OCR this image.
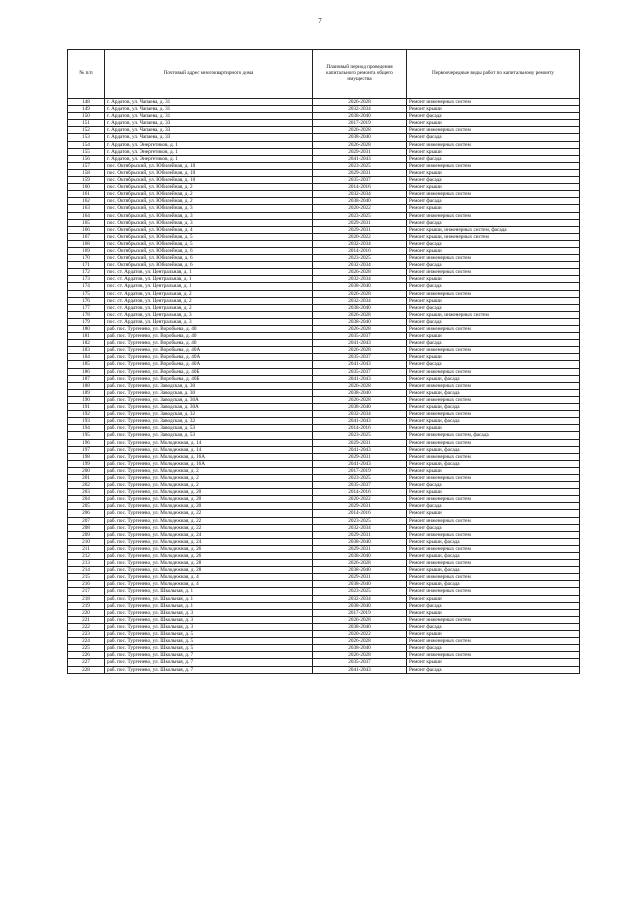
7
№ п/п	Почтовый адрес многоквартирного дома	Плановый период проведения капитального ремонта общего имущества	Первоочередные виды работ по капитальному ремонту
148	г. Ардатов, ул. Чапаева, д. 31	2026-2028	Ремонт инженерных систем
149	г. Ардатов, ул. Чапаева, д. 31	2032-2034	Ремонт крыши
150	г. Ардатов, ул. Чапаева, д. 31	2038-2040	Ремонт фасада
151	г. Ардатов, ул. Чапаева, д. 33	2017-2019	Ремонт крыши
152	г. Ардатов, ул. Чапаева, д. 33	2026-2028	Ремонт инженерных систем
153	г. Ардатов, ул. Чапаева, д. 33	2038-2040	Ремонт фасада
154	г. Ардатов, ул. Энергетиков, д. 1	2026-2028	Ремонт инженерных систем
155	г. Ардатов, ул. Энергетиков, д. 1	2029-2031	Ремонт крыши
156	г. Ардатов, ул. Энергетиков, д. 1	2041-2043	Ремонт фасада
157	пос. Октябрьский, ул. Юбилейная, д. 10	2023-2025	Ремонт инженерных систем
158	пос. Октябрьский, ул. Юбилейная, д. 10	2029-2031	Ремонт крыши
159	пос. Октябрьский, ул. Юбилейная, д. 10	2035-2037	Ремонт фасада
160	пос. Октябрьский, ул. Юбилейная, д. 2	2014-2016	Ремонт крыши
161	пос. Октябрьский, ул. Юбилейная, д. 2	2032-2034	Ремонт инженерных систем
162	пос. Октябрьский, ул. Юбилейная, д. 2	2038-2040	Ремонт фасада
163	пос. Октябрьский, ул. Юбилейная, д. 3	2020-2022	Ремонт крыши
164	пос. Октябрьский, ул. Юбилейная, д. 3	2023-2025	Ремонт инженерных систем
165	пос. Октябрьский, ул. Юбилейная, д. 3	2029-2031	Ремонт фасада
166	пос. Октябрьский, ул. Юбилейная, д. 4	2029-2031	Ремонт крыши, инженерных систем, фасада
167	пос. Октябрьский, ул. Юбилейная, д. 5	2020-2022	Ремонт крыши, инженерных систем
168	пос. Октябрьский, ул. Юбилейная, д. 5	2032-2034	Ремонт фасада
169	пос. Октябрьский, ул. Юбилейная, д. 6	2014-2016	Ремонт крыши
170	пос. Октябрьский, ул. Юбилейная, д. 6	2023-2025	Ремонт инженерных систем
171	пос. Октябрьский, ул. Юбилейная, д. 6	2032-2034	Ремонт фасада
172	пос. ст. Ардатов, ул. Центральная, д. 1	2026-2028	Ремонт инженерных систем
173	пос. ст. Ардатов, ул. Центральная, д. 1	2032-2034	Ремонт крыши
174	пос. ст. Ардатов, ул. Центральная, д. 1	2038-2040	Ремонт фасада
175	пос. ст. Ардатов, ул. Центральная, д. 2	2026-2028	Ремонт инженерных систем
176	пос. ст. Ардатов, ул. Центральная, д. 2	2032-2034	Ремонт крыши
177	пос. ст. Ардатов, ул. Центральная, д. 2	2038-2040	Ремонт фасада
178	пос. ст. Ардатов, ул. Центральная, д. 3	2026-2028	Ремонт крыши, инженерных систем
179	пос. ст. Ардатов, ул. Центральная, д. 3	2038-2040	Ремонт фасада
180	раб. пос. Тургенево, ул. Воробьева, д. 40	2026-2028	Ремонт инженерных систем
181	раб. пос. Тургенево, ул. Воробьева, д. 40	2035-2037	Ремонт крыши
182	раб. пос. Тургенево, ул. Воробьева, д. 40	2041-2043	Ремонт фасада
183	раб. пос. Тургенево, ул. Воробьева, д. 40А	2026-2028	Ремонт инженерных систем
184	раб. пос. Тургенево, ул. Воробьева, д. 40А	2035-2037	Ремонт крыши
185	раб. пос. Тургенево, ул. Воробьева, д. 40А	2041-2043	Ремонт фасада
186	раб. пос. Тургенево, ул. Воробьева, д. 40Б	2035-2037	Ремонт инженерных систем
187	раб. пос. Тургенево, ул. Воробьева, д. 40Б	2041-2043	Ремонт крыши, фасада
188	раб. пос. Тургенево, ул. Заводская, д. 30	2026-2028	Ремонт инженерных систем
189	раб. пос. Тургенево, ул. Заводская, д. 30	2038-2040	Ремонт крыши, фасада
190	раб. пос. Тургенево, ул. Заводская, д. 30А	2026-2028	Ремонт инженерных систем
191	раб. пос. Тургенево, ул. Заводская, д. 30А	2038-2040	Ремонт крыши, фасада
192	раб. пос. Тургенево, ул. Заводская, д. 32	2032-2034	Ремонт инженерных систем
193	раб. пос. Тургенево, ул. Заводская, д. 32	2041-2043	Ремонт крыши, фасада
194	раб. пос. Тургенево, ул. Заводская, д. 53	2014-2016	Ремонт крыши
195	раб. пос. Тургенево, ул. Заводская, д. 53	2023-2025	Ремонт инженерных систем, фасада
196	раб. пос. Тургенево, ул. Молодежная, д. 14	2029-2031	Ремонт инженерных систем
197	раб. пос. Тургенево, ул. Молодежная, д. 14	2041-2043	Ремонт крыши, фасада
198	раб. пос. Тургенево, ул. Молодежная, д. 16А	2029-2031	Ремонт инженерных систем
199	раб. пос. Тургенево, ул. Молодежная, д. 16А	2041-2043	Ремонт крыши, фасада
200	раб. пос. Тургенево, ул. Молодежная, д. 2	2017-2019	Ремонт крыши
201	раб. пос. Тургенево, ул. Молодежная, д. 2	2023-2025	Ремонт инженерных систем
202	раб. пос. Тургенево, ул. Молодежная, д. 2	2035-2037	Ремонт фасада
203	раб. пос. Тургенево, ул. Молодежная, д. 20	2014-2016	Ремонт крыши
204	раб. пос. Тургенево, ул. Молодежная, д. 20	2020-2022	Ремонт инженерных систем
205	раб. пос. Тургенево, ул. Молодежная, д. 20	2029-2031	Ремонт фасада
206	раб. пос. Тургенево, ул. Молодежная, д. 22	2014-2016	Ремонт крыши
207	раб. пос. Тургенево, ул. Молодежная, д. 22	2023-2025	Ремонт инженерных систем
208	раб. пос. Тургенево, ул. Молодежная, д. 22	2032-2034	Ремонт фасада
209	раб. пос. Тургенево, ул. Молодежная, д. 24	2029-2031	Ремонт инженерных систем
210	раб. пос. Тургенево, ул. Молодежная, д. 24	2038-2040	Ремонт крыши, фасада
211	раб. пос. Тургенево, ул. Молодежная, д. 26	2029-2031	Ремонт инженерных систем
212	раб. пос. Тургенево, ул. Молодежная, д. 26	2038-2040	Ремонт крыши, фасада
213	раб. пос. Тургенево, ул. Молодежная, д. 28	2026-2028	Ремонт инженерных систем
214	раб. пос. Тургенево, ул. Молодежная, д. 28	2038-2040	Ремонт крыши, фасада
215	раб. пос. Тургенево, ул. Молодежная, д. 4	2029-2031	Ремонт инженерных систем
216	раб. пос. Тургенево, ул. Молодежная, д. 4	2038-2040	Ремонт крыши, фасада
217	раб. пос. Тургенево, ул. Школьная, д. 1	2023-2025	Ремонт инженерных систем
218	раб. пос. Тургенево, ул. Школьная, д. 1	2032-2034	Ремонт крыши
219	раб. пос. Тургенево, ул. Школьная, д. 1	2038-2040	Ремонт фасада
220	раб. пос. Тургенево, ул. Школьная, д. 3	2017-2019	Ремонт крыши
221	раб. пос. Тургенево, ул. Школьная, д. 3	2026-2028	Ремонт инженерных систем
222	раб. пос. Тургенево, ул. Школьная, д. 3	2038-2040	Ремонт фасада
223	раб. пос. Тургенево, ул. Школьная, д. 5	2020-2022	Ремонт крыши
224	раб. пос. Тургенево, ул. Школьная, д. 5	2026-2028	Ремонт инженерных систем
225	раб. пос. Тургенево, ул. Школьная, д. 5	2038-2040	Ремонт фасада
226	раб. пос. Тургенево, ул. Школьная, д. 7	2026-2028	Ремонт инженерных систем
227	раб. пос. Тургенево, ул. Школьная, д. 7	2035-2037	Ремонт крыши
228	раб. пос. Тургенево, ул. Школьная, д. 7	2041-2043	Ремонт фасада
